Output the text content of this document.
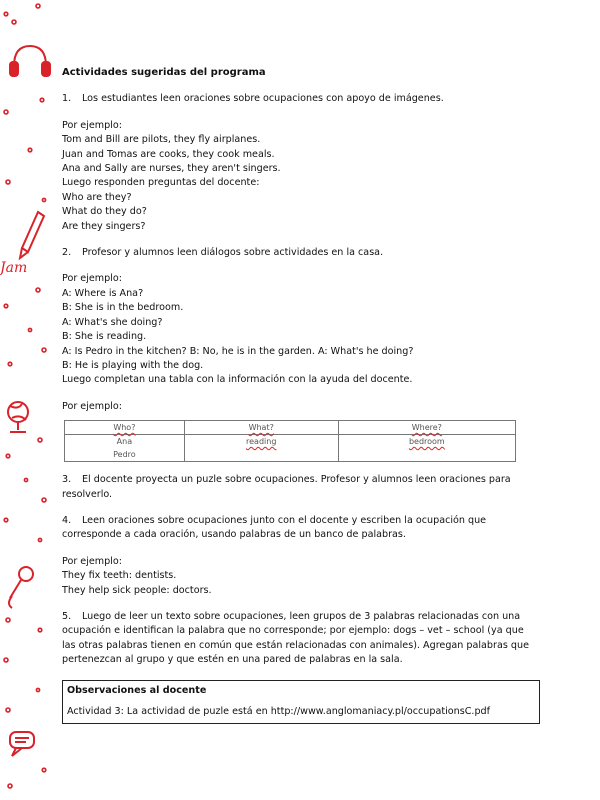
Jam
Actividades sugeridas del programa
1. Los estudiantes leen oraciones sobre ocupaciones con apoyo de imágenes.
Por ejemplo:
Tom and Bill are pilots, they fly airplanes.
Juan and Tomas are cooks, they cook meals.
Ana and Sally are nurses, they aren't singers.
Luego responden preguntas del docente:
Who are they?
What do they do?
Are they singers?
2. Profesor y alumnos leen diálogos sobre actividades en la casa.
Por ejemplo:
A: Where is Ana?
B: She is in the bedroom.
A: What's she doing?
B: She is reading.
A: Is Pedro in the kitchen? B: No, he is in the garden. A: What's he doing?
B: He is playing with the dog.
Luego completan una tabla con la información con la ayuda del docente.
Por ejemplo:
Who?	What?	Where?
Ana	reading	bedroom
Pedro		
3. El docente proyecta un puzle sobre ocupaciones. Profesor y alumnos leen oraciones para resolverlo.
4. Leen oraciones sobre ocupaciones junto con el docente y escriben la ocupación que corresponde a cada oración, usando palabras de un banco de palabras.
Por ejemplo:
They fix teeth: dentists.
They help sick people: doctors.
5. Luego de leer un texto sobre ocupaciones, leen grupos de 3 palabras relacionadas con una ocupación e identifican la palabra que no corresponde; por ejemplo: dogs – vet – school (ya que las otras palabras tienen en común que están relacionadas con animales). Agregan palabras que pertenezcan al grupo y que estén en una pared de palabras en la sala.
Observaciones al docente
Actividad 3: La actividad de puzle está en http://www.anglomaniacy.pl/occupationsC.pdf
